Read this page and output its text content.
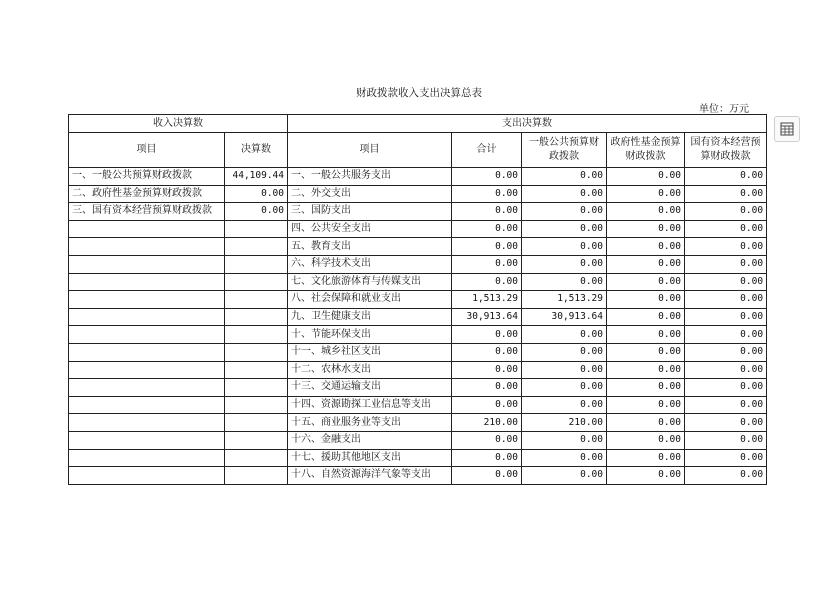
财政拨款收入支出决算总表
单位：万元
收入决算数		支出决算数				
项目	决算数	项目	合计	一般公共预算财政拨款	政府性基金预算财政拨款	国有资本经营预算财政拨款
一、一般公共预算财政拨款	44,109.44	一、一般公共服务支出	0.00	0.00	0.00	0.00
二、政府性基金预算财政拨款	0.00	二、外交支出	0.00	0.00	0.00	0.00
三、国有资本经营预算财政拨款	0.00	三、国防支出	0.00	0.00	0.00	0.00
		四、公共安全支出	0.00	0.00	0.00	0.00
		五、教育支出	0.00	0.00	0.00	0.00
		六、科学技术支出	0.00	0.00	0.00	0.00
		七、文化旅游体育与传媒支出	0.00	0.00	0.00	0.00
		八、社会保障和就业支出	1,513.29	1,513.29	0.00	0.00
		九、卫生健康支出	30,913.64	30,913.64	0.00	0.00
		十、节能环保支出	0.00	0.00	0.00	0.00
		十一、城乡社区支出	0.00	0.00	0.00	0.00
		十二、农林水支出	0.00	0.00	0.00	0.00
		十三、交通运输支出	0.00	0.00	0.00	0.00
		十四、资源勘探工业信息等支出	0.00	0.00	0.00	0.00
		十五、商业服务业等支出	210.00	210.00	0.00	0.00
		十六、金融支出	0.00	0.00	0.00	0.00
		十七、援助其他地区支出	0.00	0.00	0.00	0.00
		十八、自然资源海洋气象等支出	0.00	0.00	0.00	0.00
